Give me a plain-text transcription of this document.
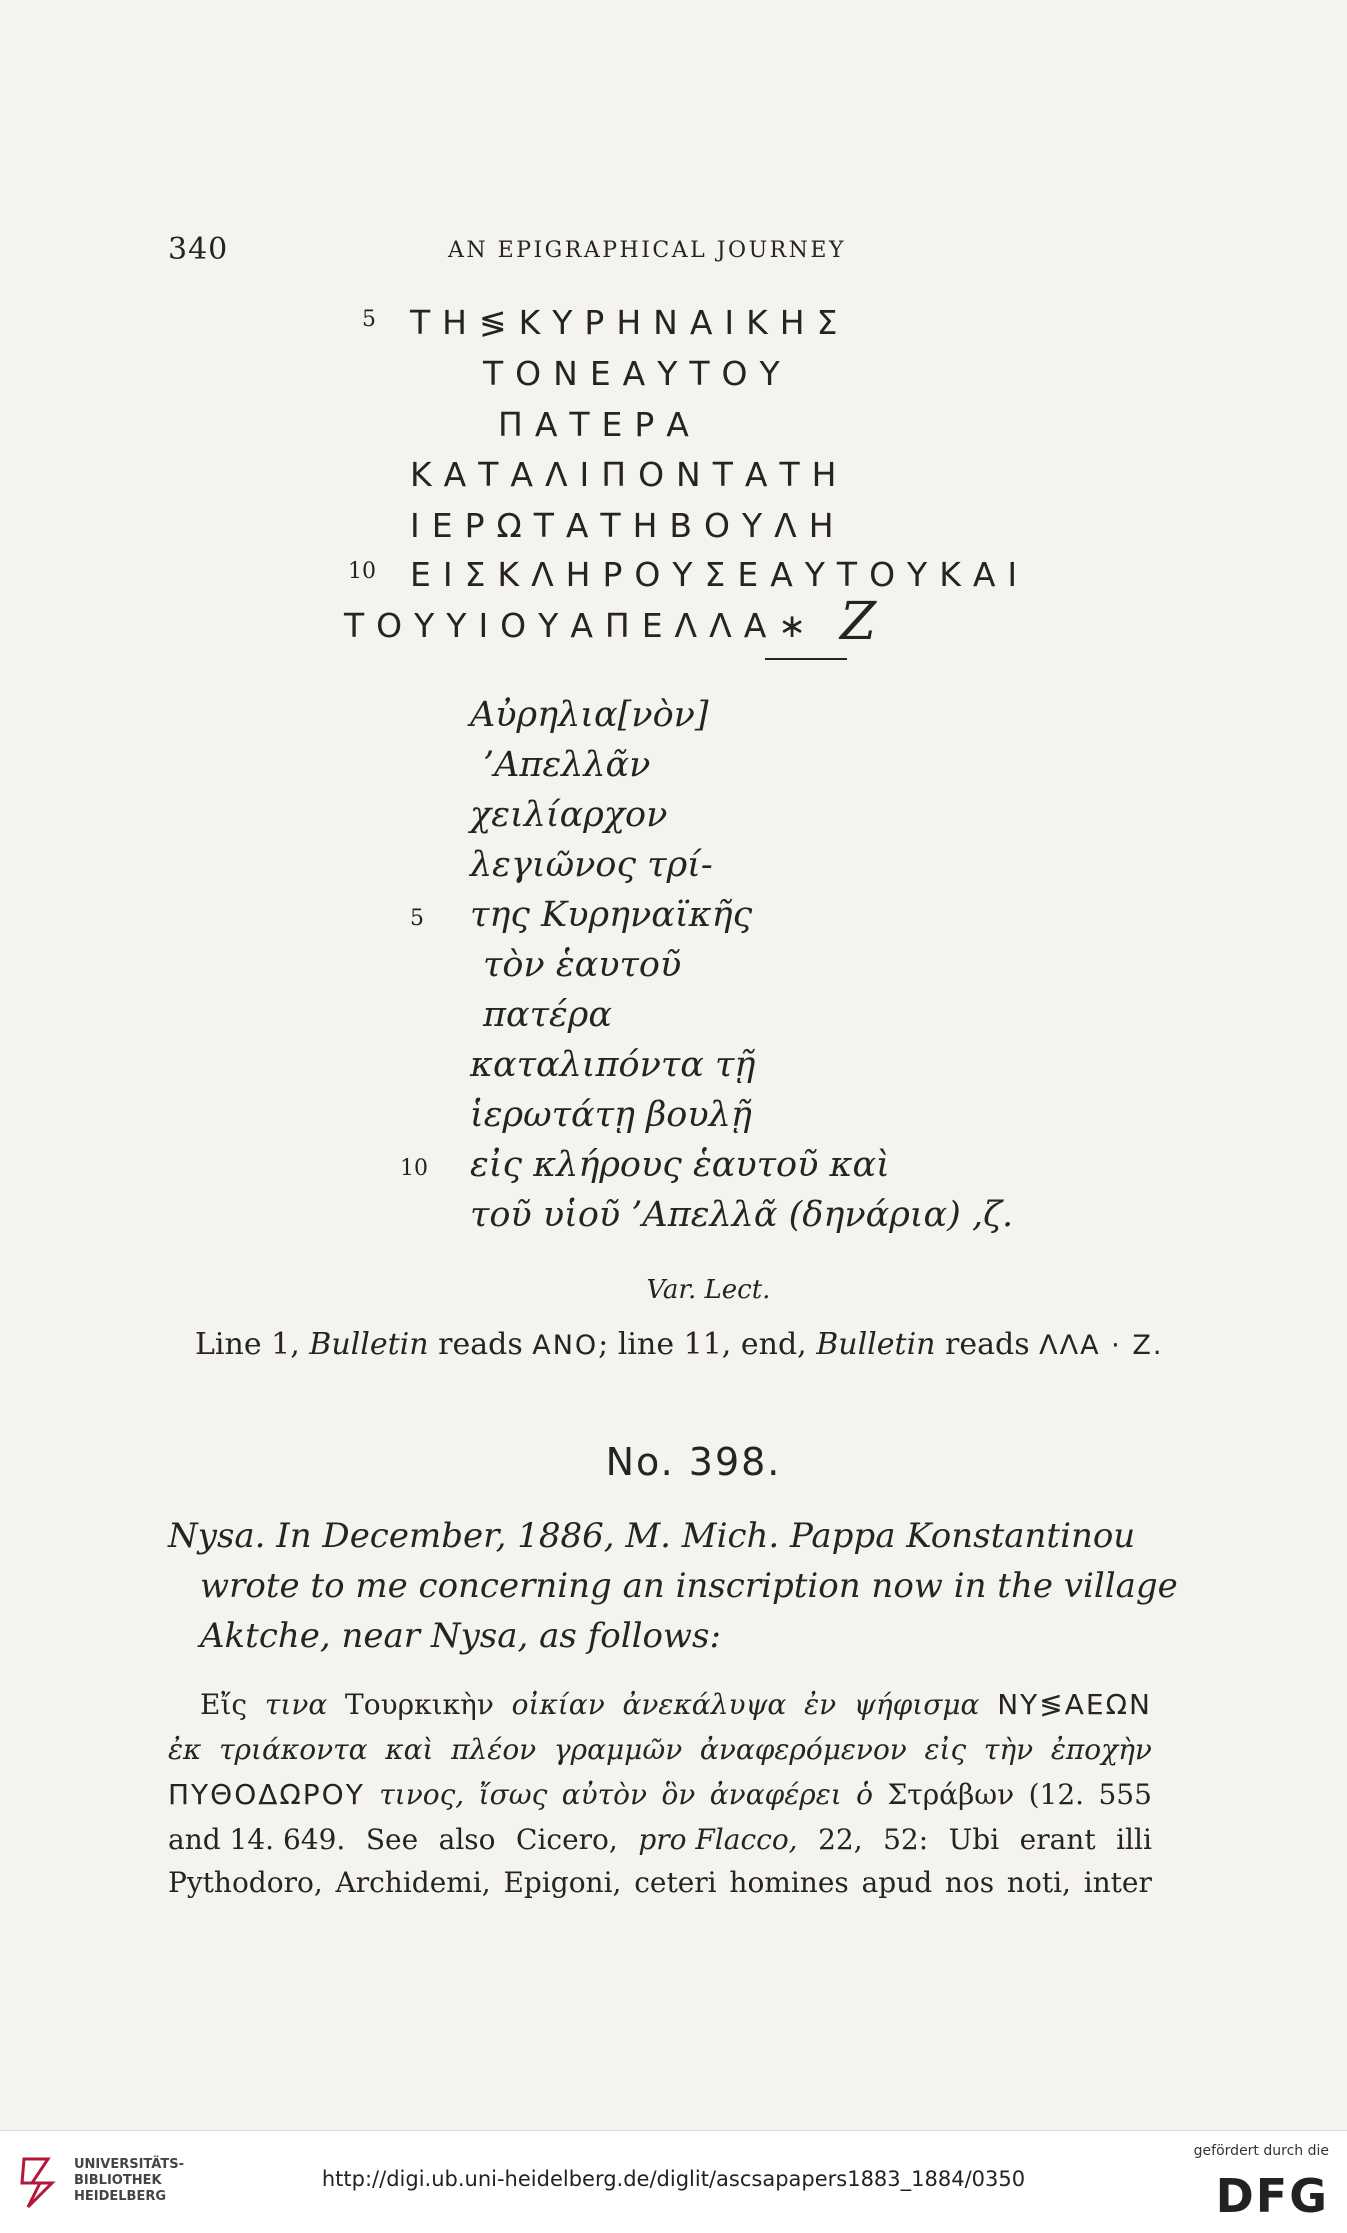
340	AN EPIGRAPHICAL JOURNEY
5 ΤΗ≶ΚΥΡΗΝΑΙΚΗΣ
ΤΟΝΕΑΥΤΟΥ
ΠΑΤΕΡΑ
ΚΑΤΑΛΙΠΟΝΤΑΤΗ
ΙΕΡΩΤΑΤΗΒΟΥΛΗ
10 ΕΙΣΚΛΗΡΟΥΣΕΑΥΤΟΥΚΑΙ
ΤΟΥΥΙΟΥΑΠΕΛΛΑ∗ Ζ
Αὐρηλια[νὸν]
’Απελλᾶν
χειλίαρχον
λεγιῶνος τρί-
5 της Κυρηναϊκῆς
τὸν ἑαυτοῦ
πατέρα
καταλιπόντα τῇ
ἱερωτάτῃ βουλῇ
10 εἰς κλήρους ἑαυτοῦ καὶ
τοῦ υἱοῦ ’Απελλᾶ (δηνάρια) ,ζ.
Var. Lect.
Line 1, Bulletin reads ΑΝΟ; line 11, end, Bulletin reads ΛΛΑ · Ζ.
No. 398.
Nysa. In December, 1886, M. Mich. Pappa Konstantinou
wrote to me concerning an inscription now in the village
Aktche, near Nysa, as follows:
Εἴς τινα Τουρκικὴν οἰκίαν ἀνεκάλυψα ἐν ψήφισμα ΝΥ≶ΑΕΩΝ
ἐκ τριάκοντα καὶ πλέον γραμμῶν ἀναφερόμενον εἰς τὴν ἐποχὴν
ΠΥΘΟΔΩΡΟΥ τινος, ἴσως αὐτὸν ὃν ἀναφέρει ὁ Στράβων (12. 555
and 14. 649. See also Cicero, pro Flacco, 22, 52: Ubi erant illi
Pythodoro, Archidemi, Epigoni, ceteri homines apud nos noti, inter
UNIVERSITÄTS-
BIBLIOTHEK
HEIDELBERG
http://digi.ub.uni-heidelberg.de/diglit/ascsapapers1883_1884/0350
gefördert durch die
DFG
